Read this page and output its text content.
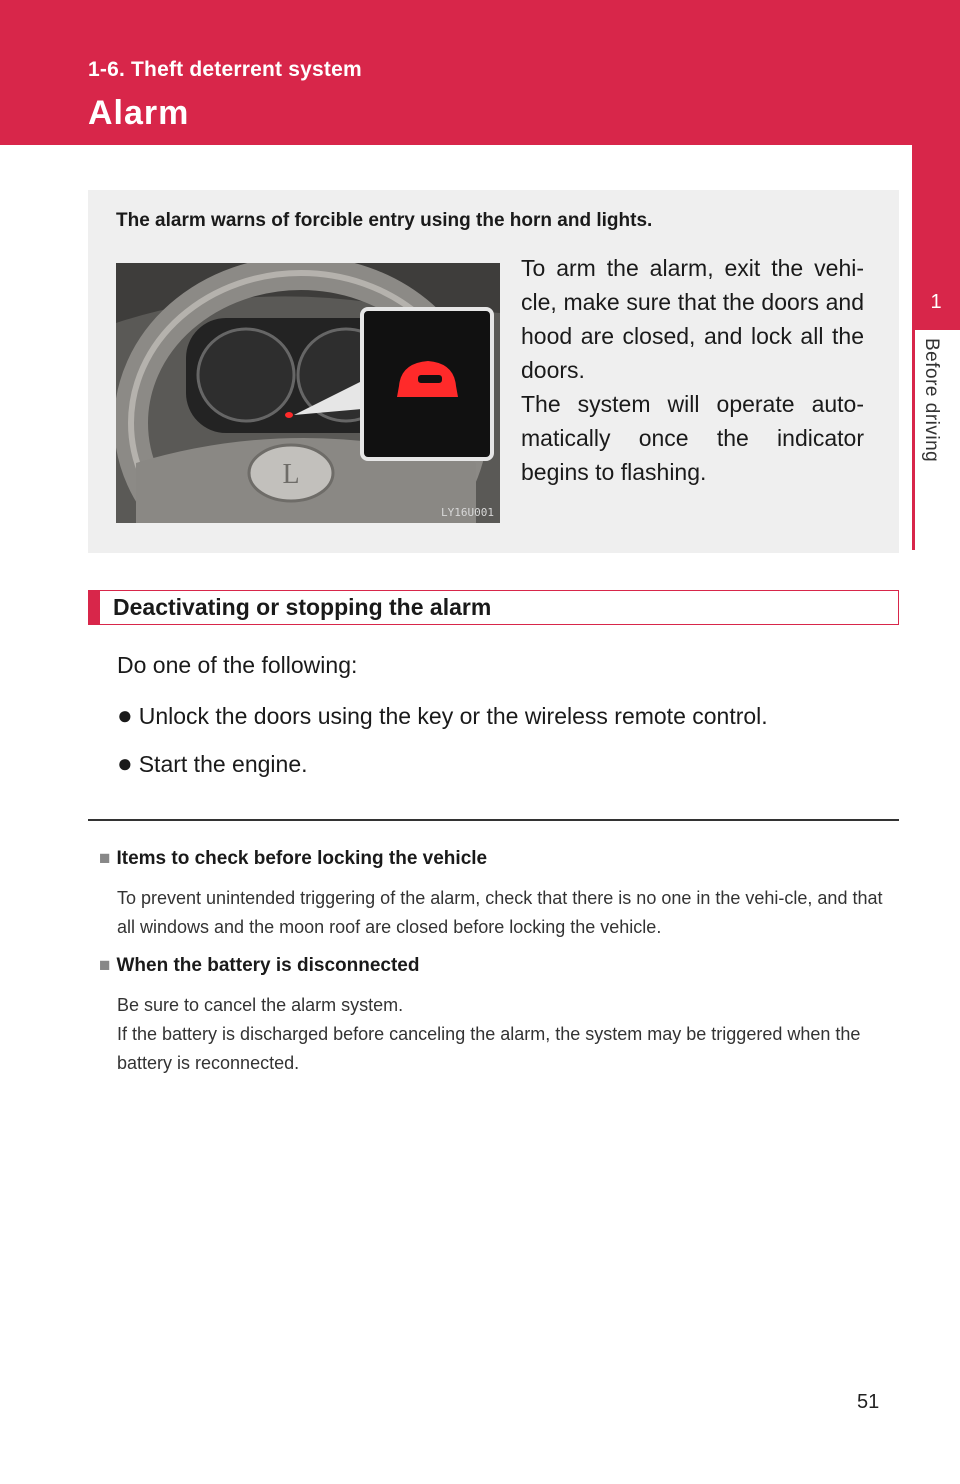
1-6. Theft deterrent system
Alarm
1
Before driving
The alarm warns of forcible entry using the horn and lights.
L
LY16U001

To arm the alarm, exit the vehi-cle, make sure that the doors and hood are closed, and lock all the doors.

The system will operate auto-matically once the indicator begins to flashing.

Deactivating or stopping the alarm
Do one of the following:
● Unlock the doors using the key or the wireless remote control.
● Start the engine.
■ Items to check before locking the vehicle

To prevent unintended triggering of the alarm, check that there is no one in the vehi-cle, and that all windows and the moon roof are closed before locking the vehicle.

■ When the battery is disconnected

Be sure to cancel the alarm system.

If the battery is discharged before canceling the alarm, the system may be triggered when the battery is reconnected.

51
